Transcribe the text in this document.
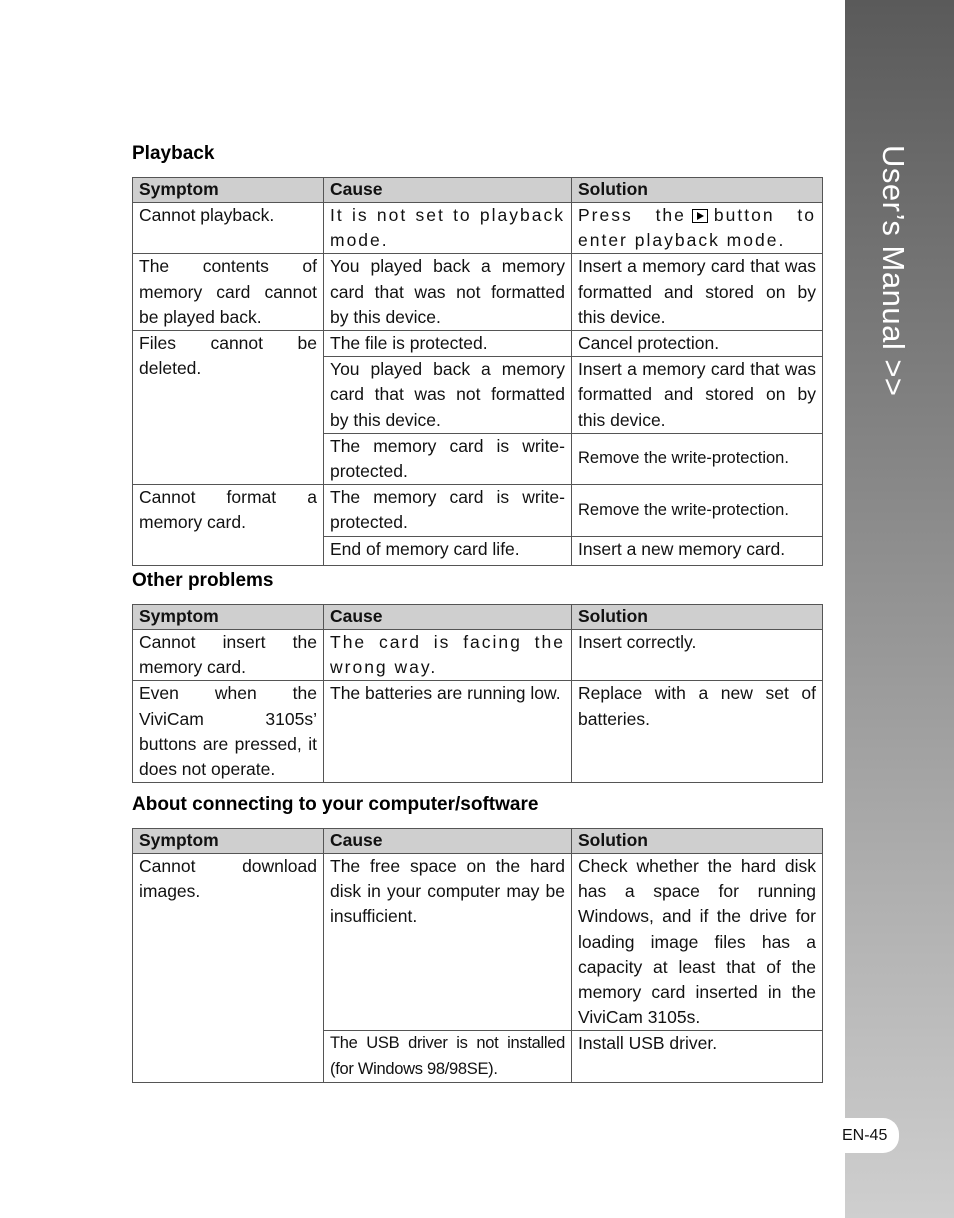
User’s Manual >>
EN-45
Playback
Symptom	Cause	Solution
Cannot playback.	It is not set to playback mode.	Press the button to enter playback mode.
The contents of memory card cannot be played back.	You played back a memory card that was not formatted by this device.	Insert a memory card that was formatted and stored on by this device.
Files cannot be deleted.	The file is protected.	Cancel protection.
	You played back a memory card that was not formatted by this device.	Insert a memory card that was formatted and stored on by this device.
	The memory card is write-protected.	Remove the write-protection.
Cannot format a memory card.	The memory card is write-protected.	Remove the write-protection.
	End of memory card life.	Insert a new memory card.
Other problems
Symptom	Cause	Solution
Cannot insert the memory card.	The card is facing the wrong way.	Insert correctly.
Even when the ViviCam 3105s’ buttons are pressed, it does not operate.	The batteries are running low.	Replace with a new set of batteries.
About connecting to your computer/software
Symptom	Cause	Solution
Cannot download images.	The free space on the hard disk in your computer may be insufficient.	Check whether the hard disk has a space for running Windows, and if the drive for loading image files has a capacity at least that of the memory card inserted in the ViviCam 3105s.
	The USB driver is not installed (for Windows 98/98SE).	Install USB driver.
